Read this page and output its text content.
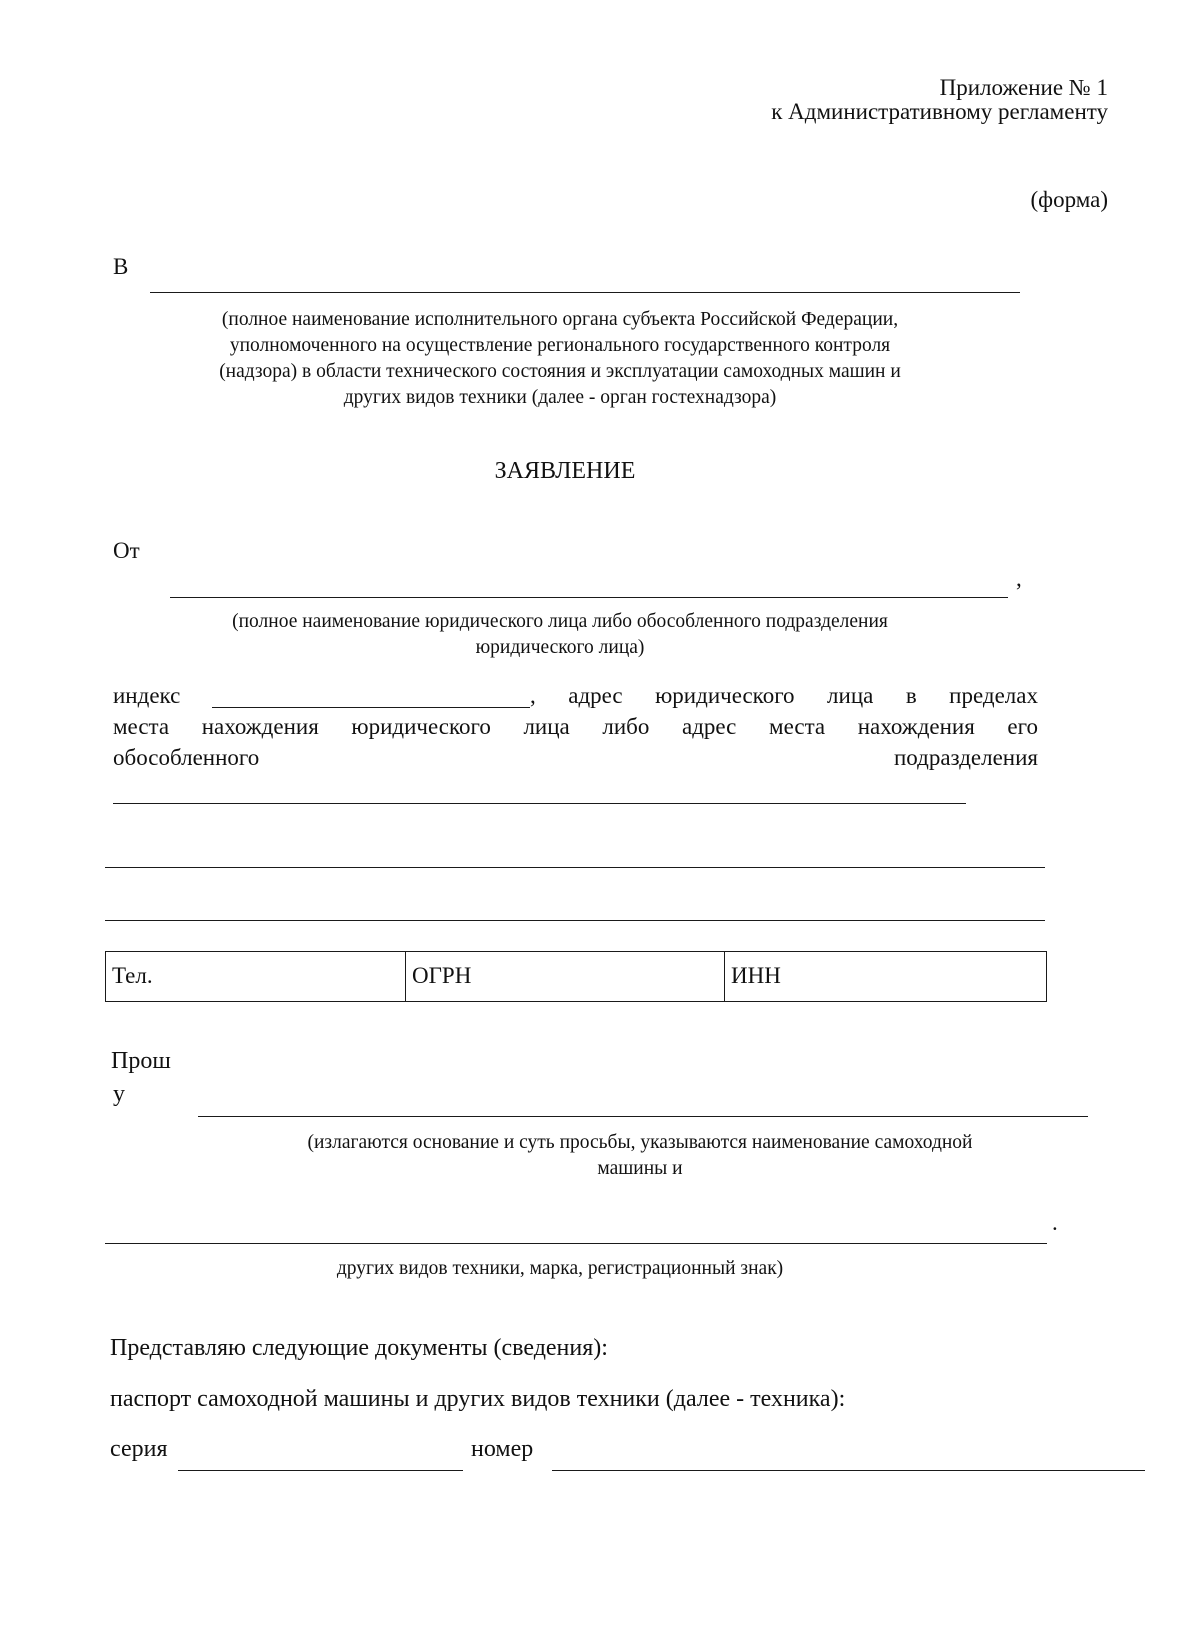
Приложение № 1
к Административному регламенту
(форма)
В
(полное наименование исполнительного органа субъекта Российской Федерации,
уполномоченного на осуществление регионального государственного контроля
(надзора) в области технического состояния и эксплуатации самоходных машин и
других видов техники (далее - орган гостехнадзора)
ЗАЯВЛЕНИЕ
От
,
(полное наименование юридического лица либо обособленного подразделения
юридического лица)
индекс	, адрес юридического лица в пределах
места нахождения юридического лица либо адрес места нахождения его
обособленного	подразделения
Тел.	ОГРН	ИНН
Прош
у
(излагаются основание и суть просьбы, указываются наименование самоходной
машины и
.
других видов техники, марка, регистрационный знак)
Представляю следующие документы (сведения):
паспорт самоходной машины и других видов техники (далее - техника):
серия	номер
